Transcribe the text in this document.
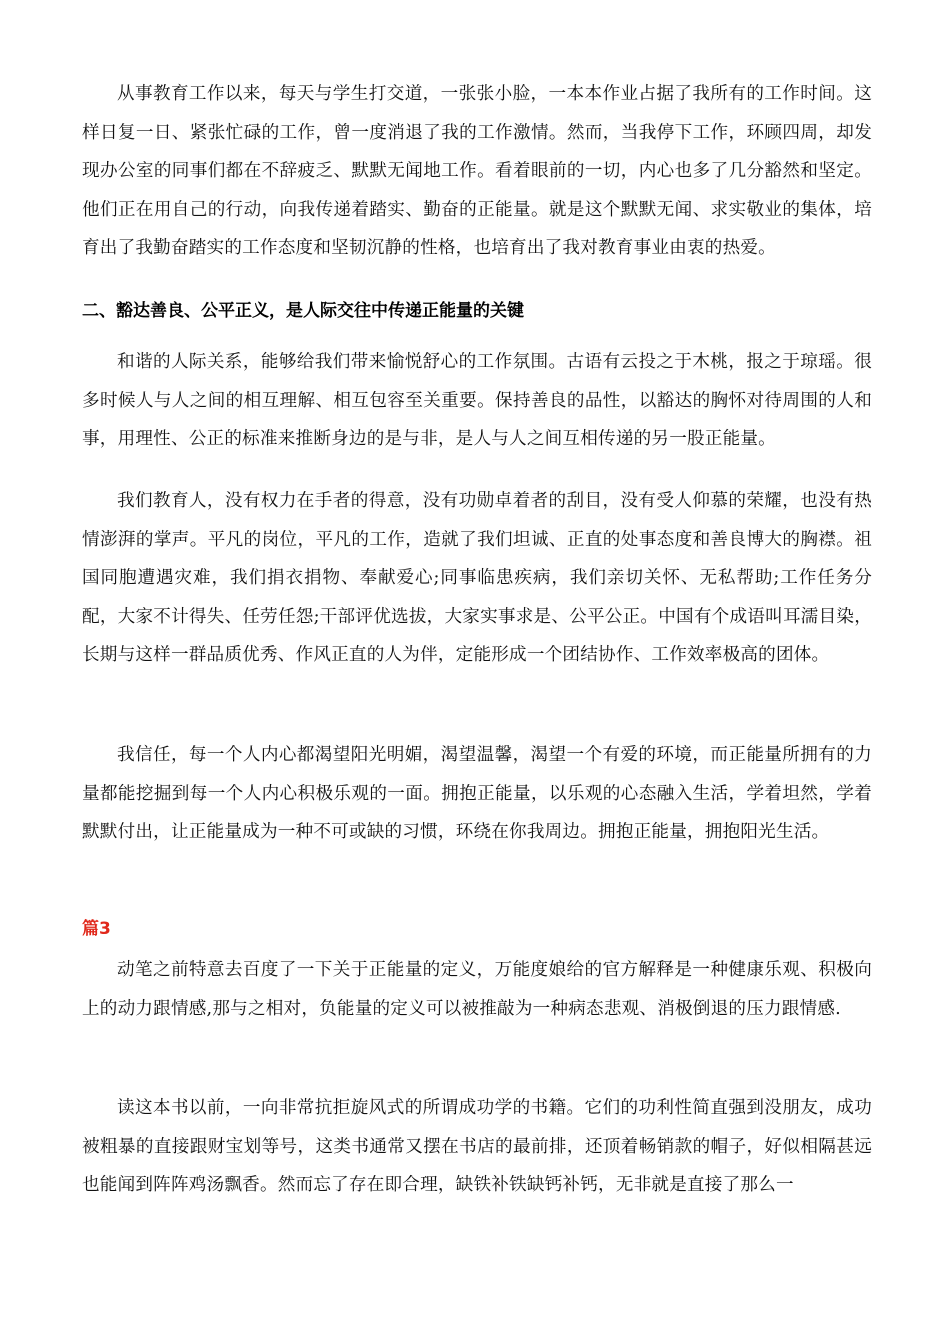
从事教育工作以来，每天与学生打交道，一张张小脸，一本本作业占据了我所有的工作时间。这样日复一日、紧张忙碌的工作，曾一度消退了我的工作激情。然而，当我停下工作，环顾四周，却发现办公室的同事们都在不辞疲乏、默默无闻地工作。看着眼前的一切，内心也多了几分豁然和坚定。他们正在用自己的行动，向我传递着踏实、勤奋的正能量。就是这个默默无闻、求实敬业的集体，培育出了我勤奋踏实的工作态度和坚韧沉静的性格，也培育出了我对教育事业由衷的热爱。

二、豁达善良、公平正义，是人际交往中传递正能量的关键

和谐的人际关系，能够给我们带来愉悦舒心的工作氛围。古语有云投之于木桃，报之于琼瑶。很多时候人与人之间的相互理解、相互包容至关重要。保持善良的品性，以豁达的胸怀对待周围的人和事，用理性、公正的标准来推断身边的是与非，是人与人之间互相传递的另一股正能量。

我们教育人，没有权力在手者的得意，没有功勋卓着者的刮目，没有受人仰慕的荣耀，也没有热情澎湃的掌声。平凡的岗位，平凡的工作，造就了我们坦诚、正直的处事态度和善良博大的胸襟。祖国同胞遭遇灾难，我们捐衣捐物、奉献爱心;同事临患疾病，我们亲切关怀、无私帮助;工作任务分配，大家不计得失、任劳任怨;干部评优选拔，大家实事求是、公平公正。中国有个成语叫耳濡目染，长期与这样一群品质优秀、作风正直的人为伴，定能形成一个团结协作、工作效率极高的团体。

我信任，每一个人内心都渴望阳光明媚，渴望温馨，渴望一个有爱的环境，而正能量所拥有的力量都能挖掘到每一个人内心积极乐观的一面。拥抱正能量，以乐观的心态融入生活，学着坦然，学着默默付出，让正能量成为一种不可或缺的习惯，环绕在你我周边。拥抱正能量，拥抱阳光生活。

篇3

动笔之前特意去百度了一下关于正能量的定义，万能度娘给的官方解释是一种健康乐观、积极向上的动力跟情感,那与之相对，负能量的定义可以被推敲为一种病态悲观、消极倒退的压力跟情感.

读这本书以前，一向非常抗拒旋风式的所谓成功学的书籍。它们的功利性简直强到没朋友，成功被粗暴的直接跟财宝划等号，这类书通常又摆在书店的最前排，还顶着畅销款的帽子，好似相隔甚远也能闻到阵阵鸡汤飘香。然而忘了存在即合理，缺铁补铁缺钙补钙，无非就是直接了那么一
